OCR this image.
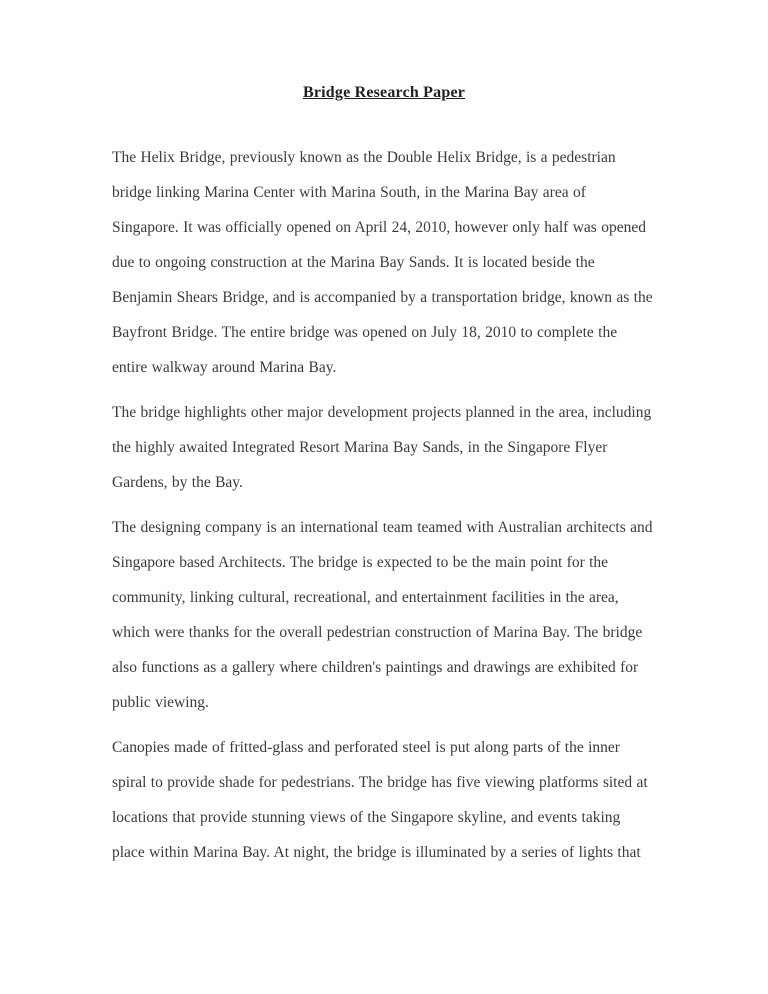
Bridge Research Paper

The Helix Bridge, previously known as the Double Helix Bridge, is a pedestrian bridge linking Marina Center with Marina South, in the Marina Bay area of Singapore. It was officially opened on April 24, 2010, however only half was opened due to ongoing construction at the Marina Bay Sands. It is located beside the Benjamin Shears Bridge, and is accompanied by a transportation bridge, known as the Bayfront Bridge. The entire bridge was opened on July 18, 2010 to complete the entire walkway around Marina Bay.

The bridge highlights other major development projects planned in the area, including the highly awaited Integrated Resort Marina Bay Sands, in the Singapore Flyer Gardens, by the Bay.

The designing company is an international team teamed with Australian architects and Singapore based Architects. The bridge is expected to be the main point for the community, linking cultural, recreational, and entertainment facilities in the area, which were thanks for the overall pedestrian construction of Marina Bay. The bridge also functions as a gallery where children's paintings and drawings are exhibited for public viewing.

Canopies made of fritted-glass and perforated steel is put along parts of the inner spiral to provide shade for pedestrians. The bridge has five viewing platforms sited at locations that provide stunning views of the Singapore skyline, and events taking place within Marina Bay. At night, the bridge is illuminated by a series of lights that
